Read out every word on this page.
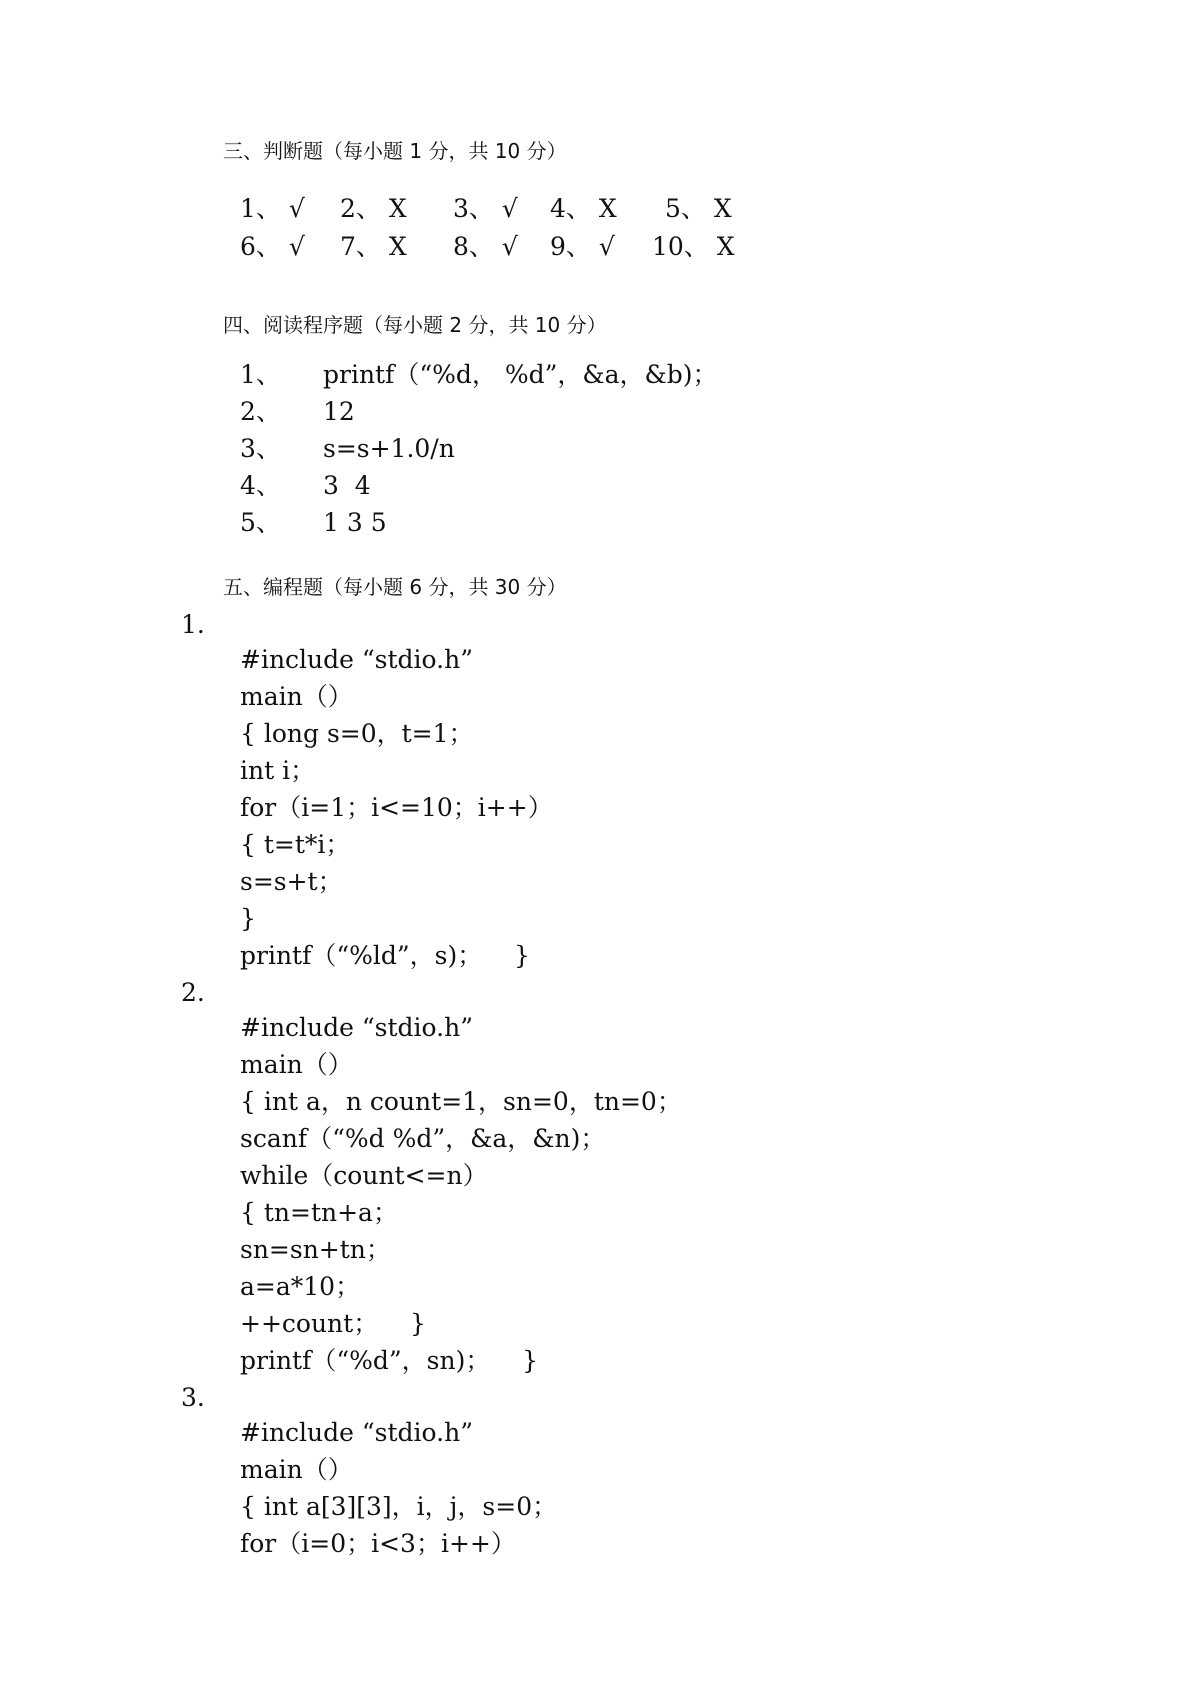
三、判断题（每小题 1 分，共 10 分）
1、 √ 2、 X 3、 √ 4、 X 5、 X
6、 √ 7、 X 8、 √ 9、 √ 10、 X
四、阅读程序题（每小题 2 分，共 10 分）
1、 printf（“%d， %d”，&a，&b)；
2、 12
3、 s=s+1.0/n
4、 3  4
5、 1 3 5
五、编程题（每小题 6 分，共 30 分）
1.
#include “stdio.h”
main（）
{ long s=0，t=1；
int i；
for（i=1；i<=10；i++）
{ t=t*i；
s=s+t；
}
printf（“%ld”，s)；    }
2.
#include “stdio.h”
main（）
{ int a，n count=1，sn=0，tn=0；
scanf（“%d %d”，&a，&n)；
while（count<=n）
{ tn=tn+a；
sn=sn+tn；
a=a*10；
++count；    }
printf（“%d”，sn)；    }
3.
#include “stdio.h”
main（）
{ int a[3][3]，i，j，s=0；
for（i=0；i<3；i++）
